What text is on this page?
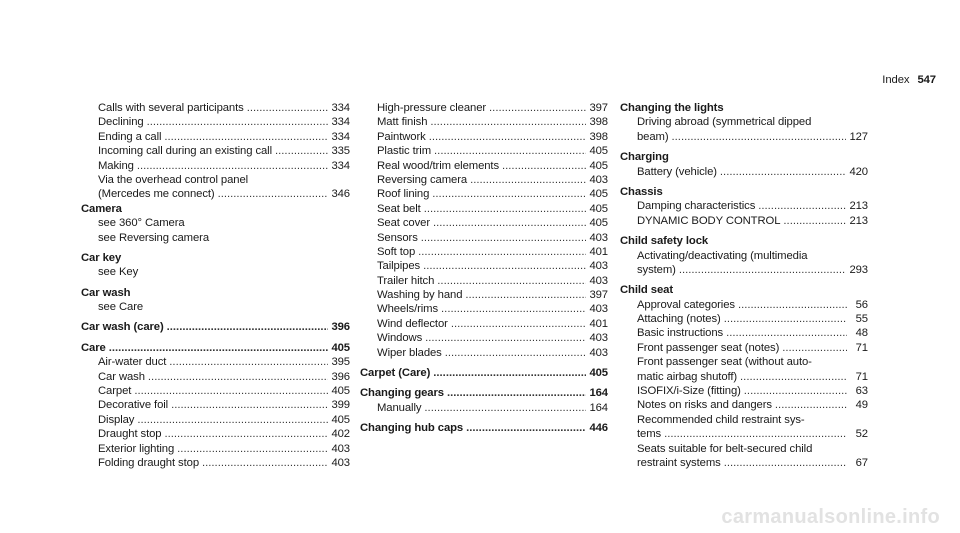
Index 547
Calls with several participants .....	334
Declining .....	334
Ending a call .....	334
Incoming call during an existing call .....	335
Making .....	334
Via the overhead control panel
(Mercedes me connect) .....	346
Camera
see 360° Camera
see Reversing camera
Car key
see Key
Car wash
see Care
Car wash (care) .....	396
Care .....	405
Air-water duct .....	395
Car wash .....	396
Carpet .....	405
Decorative foil .....	399
Display .....	405
Draught stop .....	402
Exterior lighting .....	403
Folding draught stop .....	403
High-pressure cleaner .....	397
Matt finish .....	398
Paintwork .....	398
Plastic trim .....	405
Real wood/trim elements .....	405
Reversing camera .....	403
Roof lining .....	405
Seat belt .....	405
Seat cover .....	405
Sensors .....	403
Soft top .....	401
Tailpipes .....	403
Trailer hitch .....	403
Washing by hand .....	397
Wheels/rims .....	403
Wind deflector .....	401
Windows .....	403
Wiper blades .....	403
Carpet (Care) .....	405
Changing gears .....	164
Manually .....	164
Changing hub caps .....	446
Changing the lights
Driving abroad (symmetrical dipped
beam) .....	127
Charging
Battery (vehicle) .....	420
Chassis
Damping characteristics .....	213
DYNAMIC BODY CONTROL .....	213
Child safety lock
Activating/deactivating (multimedia
system) .....	293
Child seat
Approval categories .....	56
Attaching (notes) .....	55
Basic instructions .....	48
Front passenger seat (notes) .....	71
Front passenger seat (without auto-
matic airbag shutoff) .....	71
ISOFIX/i-Size (fitting) .....	63
Notes on risks and dangers .....	49
Recommended child restraint sys-
tems .....	52
Seats suitable for belt-secured child
restraint systems .....	67
carmanualsonline.info
